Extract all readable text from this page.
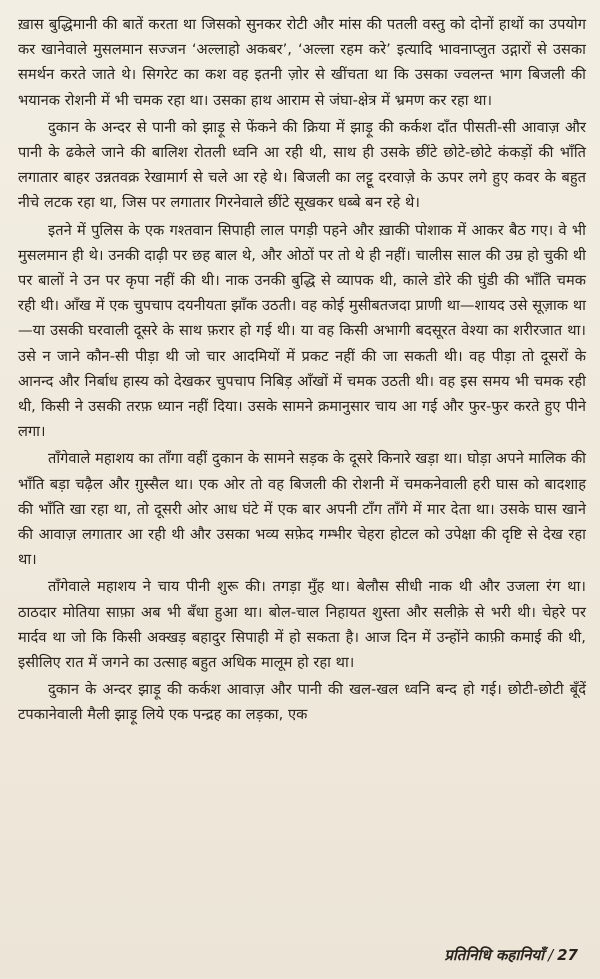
ख़ास बुद्धिमानी की बातें करता था जिसको सुनकर रोटी और मांस की पतली वस्तु को दोनों हाथों का उपयोग कर खानेवाले मुसलमान सज्जन ‘अल्लाहो अकबर’, ‘अल्ला रहम करे’ इत्यादि भावनाप्लुत उद्गारों से उसका समर्थन करते जाते थे। सिगरेट का कश वह इतनी ज़ोर से खींचता था कि उसका ज्वलन्त भाग बिजली की भयानक रोशनी में भी चमक रहा था। उसका हाथ आराम से जंघा-क्षेत्र में भ्रमण कर रहा था।

दुकान के अन्दर से पानी को झाड़ू से फेंकने की क्रिया में झाड़ू की कर्कश दाँत पीसती-सी आवाज़ और पानी के ढकेले जाने की बालिश रोतली ध्वनि आ रही थी, साथ ही उसके छींटे छोटे-छोटे कंकड़ों की भाँति लगातार बाहर उन्नतवक्र रेखामार्ग से चले आ रहे थे। बिजली का लट्टू दरवाज़े के ऊपर लगे हुए कवर के बहुत नीचे लटक रहा था, जिस पर लगातार गिरनेवाले छींटे सूखकर धब्बे बन रहे थे।

इतने में पुलिस के एक गश्तवान सिपाही लाल पगड़ी पहने और ख़ाकी पोशाक में आकर बैठ गए। वे भी मुसलमान ही थे। उनकी दाढ़ी पर छह बाल थे, और ओठों पर तो थे ही नहीं। चालीस साल की उम्र हो चुकी थी पर बालों ने उन पर कृपा नहीं की थी। नाक उनकी बुद्धि से व्यापक थी, काले डोरे की घुंडी की भाँति चमक रही थी। आँख में एक चुपचाप दयनीयता झाँक उठती। वह कोई मुसीबतजदा प्राणी था—शायद उसे सूज़ाक था—या उसकी घरवाली दूसरे के साथ फ़रार हो गई थी। या वह किसी अभागी बदसूरत वेश्या का शरीरजात था। उसे न जाने कौन-सी पीड़ा थी जो चार आदमियों में प्रकट नहीं की जा सकती थी। वह पीड़ा तो दूसरों के आनन्द और निर्बाध हास्य को देखकर चुपचाप निबिड़ आँखों में चमक उठती थी। वह इस समय भी चमक रही थी, किसी ने उसकी तरफ़ ध्यान नहीं दिया। उसके सामने क्रमानुसार चाय आ गई और फुर-फुर करते हुए पीने लगा।

ताँगेवाले महाशय का ताँगा वहीं दुकान के सामने सड़क के दूसरे किनारे खड़ा था। घोड़ा अपने मालिक की भाँति बड़ा चढ़ैल और ग़ुस्सैल था। एक ओर तो वह बिजली की रोशनी में चमकनेवाली हरी घास को बादशाह की भाँति खा रहा था, तो दूसरी ओर आध घंटे में एक बार अपनी टाँग ताँगे में मार देता था। उसके घास खाने की आवाज़ लगातार आ रही थी और उसका भव्य सफ़ेद गम्भीर चेहरा होटल को उपेक्षा की दृष्टि से देख रहा था।

ताँगेवाले महाशय ने चाय पीनी शुरू की। तगड़ा मुँह था। बेलौस सीधी नाक थी और उजला रंग था। ठाठदार मोतिया साफ़ा अब भी बँधा हुआ था। बोल-चाल निहायत शुस्ता और सलीक़े से भरी थी। चेहरे पर मार्दव था जो कि किसी अक्खड़ बहादुर सिपाही में हो सकता है। आज दिन में उन्होंने काफ़ी कमाई की थी, इसीलिए रात में जगने का उत्साह बहुत अधिक मालूम हो रहा था।

दुकान के अन्दर झाड़ू की कर्कश आवाज़ और पानी की खल-खल ध्वनि बन्द हो गई। छोटी-छोटी बूँदें टपकानेवाली मैली झाड़ू लिये एक पन्द्रह का लड़का, एक

प्रतिनिधि कहानियाँ / 27
